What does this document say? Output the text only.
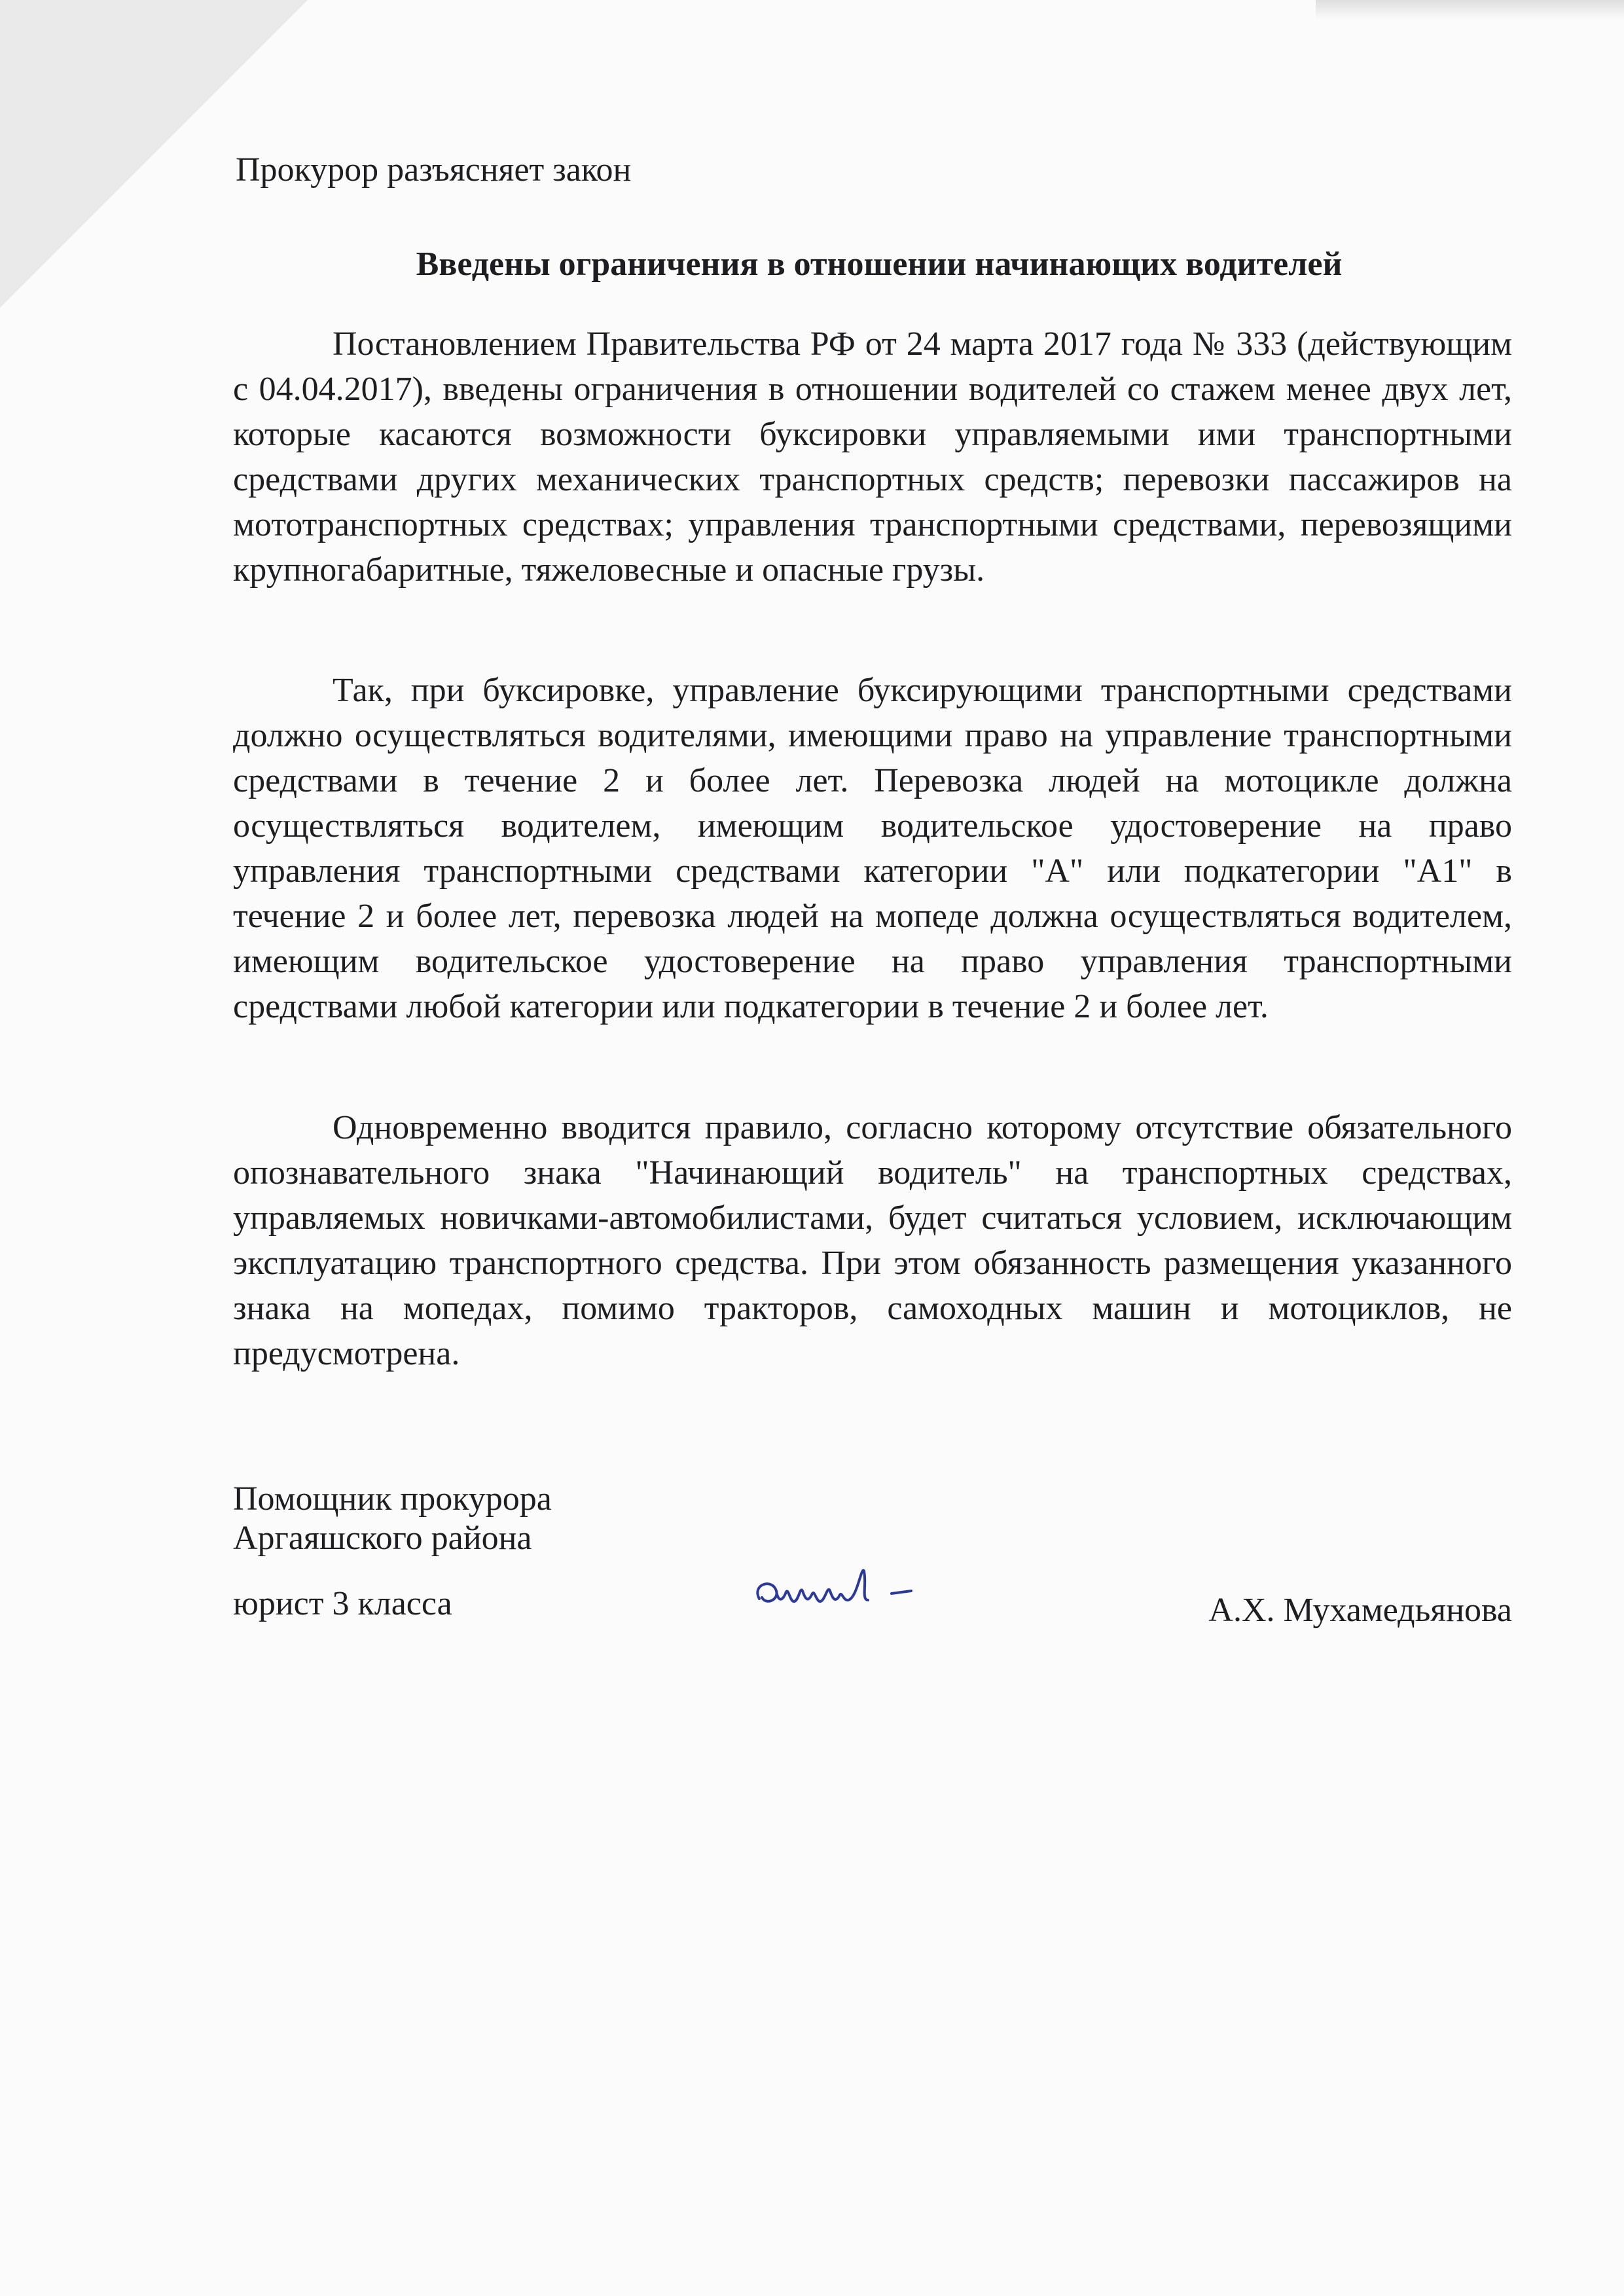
Прокурор разъясняет закон
Введены ограничения в отношении начинающих водителей
Постановлением Правительства РФ от 24 марта 2017 года № 333 (действующим с 04.04.2017), введены ограничения в отношении водителей со стажем менее двух лет, которые касаются возможности буксировки управляемыми ими транспортными средствами других механических транспортных средств; перевозки пассажиров на мототранспортных средствах; управления транспортными средствами, перевозящими крупногабаритные, тяжеловесные и опасные грузы.
Так, при буксировке, управление буксирующими транспортными средствами должно осуществляться водителями, имеющими право на управление транспортными средствами в течение 2 и более лет. Перевозка людей на мотоцикле должна осуществляться водителем, имеющим водительское удостоверение на право управления транспортными средствами категории "А" или подкатегории "А1" в течение 2 и более лет, перевозка людей на мопеде должна осуществляться водителем, имеющим водительское удостоверение на право управления транспортными средствами любой категории или подкатегории в течение 2 и более лет.
Одновременно вводится правило, согласно которому отсутствие обязательного опознавательного знака "Начинающий водитель" на транспортных средствах, управляемых новичками-автомобилистами, будет считаться условием, исключающим эксплуатацию транспортного средства. При этом обязанность размещения указанного знака на мопедах, помимо тракторов, самоходных машин и мотоциклов, не предусмотрена.
Помощник прокурора
Аргаяшского района
юрист 3 класса	А.Х. Мухамедьянова
